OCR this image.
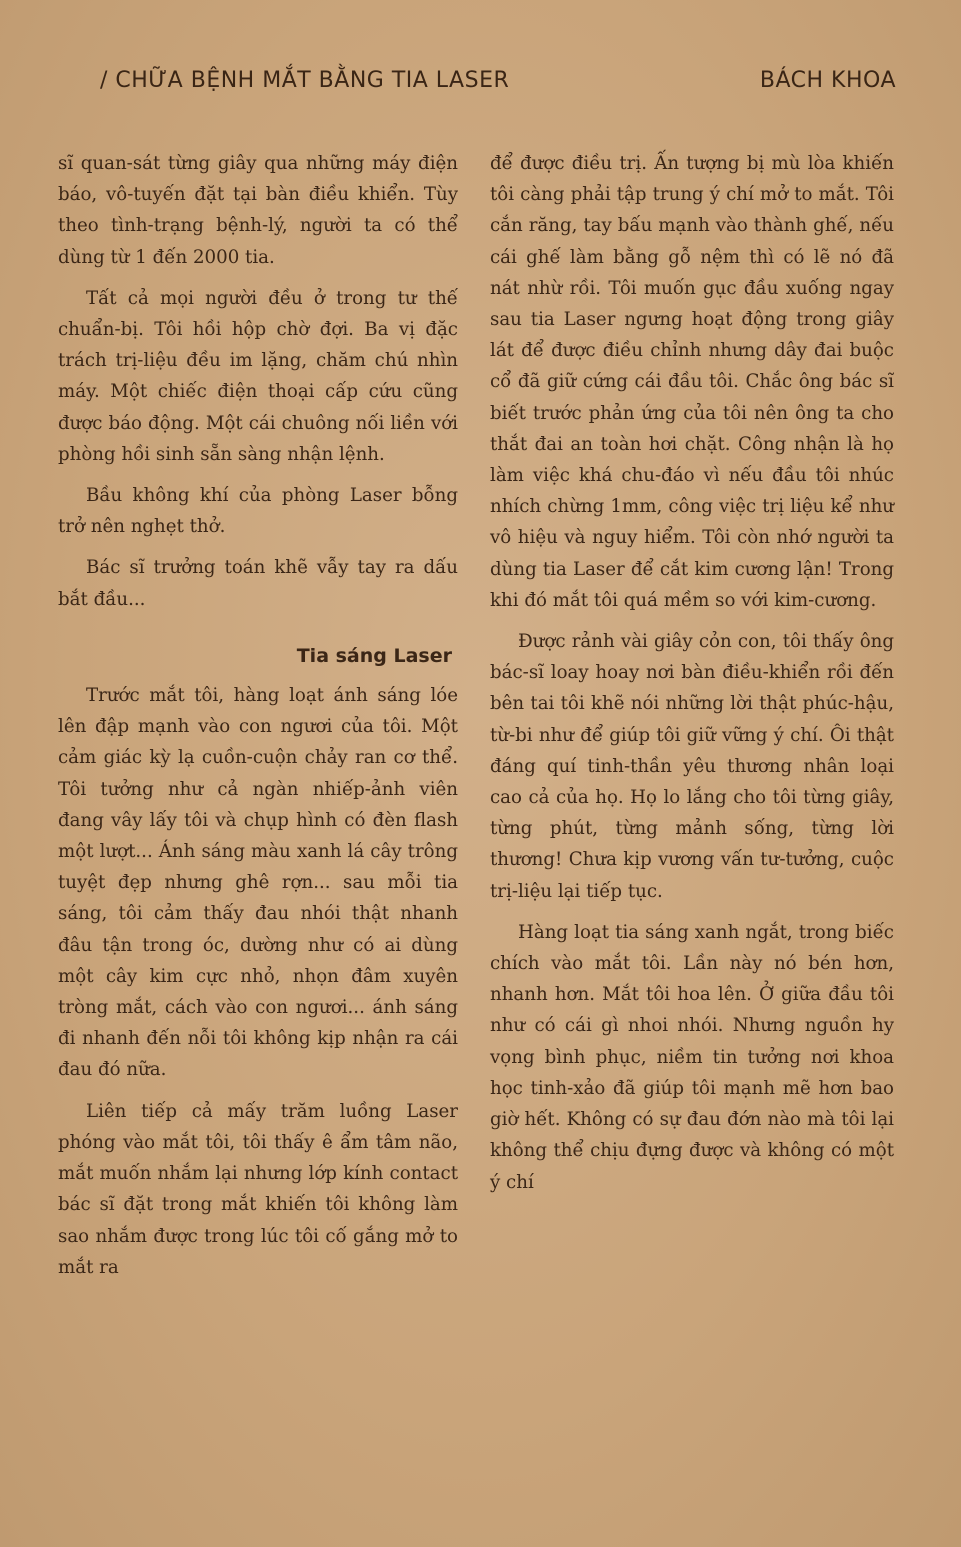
/ CHỮA BỆNH MẮT BẰNG TIA LASER	BÁCH KHOA

sĩ quan-sát từng giây qua những máy điện báo, vô-tuyến đặt tại bàn điều khiển. Tùy theo tình-trạng bệnh-lý, người ta có thể dùng từ 1 đến 2000 tia.

Tất cả mọi người đều ở trong tư thế chuẩn-bị. Tôi hồi hộp chờ đợi. Ba vị đặc trách trị-liệu đều im lặng, chăm chú nhìn máy. Một chiếc điện thoại cấp cứu cũng được báo động. Một cái chuông nối liền với phòng hồi sinh sẵn sàng nhận lệnh.

Bầu không khí của phòng Laser bỗng trở nên nghẹt thở.

Bác sĩ trưởng toán khẽ vẫy tay ra dấu bắt đầu...

Tia sáng Laser

Trước mắt tôi, hàng loạt ánh sáng lóe lên đập mạnh vào con ngươi của tôi. Một cảm giác kỳ lạ cuồn-cuộn chảy ran cơ thể. Tôi tưởng như cả ngàn nhiếp-ảnh viên đang vây lấy tôi và chụp hình có đèn flash một lượt... Ánh sáng màu xanh lá cây trông tuyệt đẹp nhưng ghê rợn... sau mỗi tia sáng, tôi cảm thấy đau nhói thật nhanh đâu tận trong óc, dường như có ai dùng một cây kim cực nhỏ, nhọn đâm xuyên tròng mắt, cách vào con ngươi... ánh sáng đi nhanh đến nỗi tôi không kịp nhận ra cái đau đó nữa.

Liên tiếp cả mấy trăm luồng Laser phóng vào mắt tôi, tôi thấy ê ẩm tâm não, mắt muốn nhắm lại nhưng lớp kính contact bác sĩ đặt trong mắt khiến tôi không làm sao nhắm được trong lúc tôi cố gắng mở to mắt ra

để được điều trị. Ấn tượng bị mù lòa khiến tôi càng phải tập trung ý chí mở to mắt. Tôi cắn răng, tay bấu mạnh vào thành ghế, nếu cái ghế làm bằng gỗ nệm thì có lẽ nó đã nát nhừ rồi. Tôi muốn gục đầu xuống ngay sau tia Laser ngưng hoạt động trong giây lát để được điều chỉnh nhưng dây đai buộc cổ đã giữ cứng cái đầu tôi. Chắc ông bác sĩ biết trước phản ứng của tôi nên ông ta cho thắt đai an toàn hơi chặt. Công nhận là họ làm việc khá chu-đáo vì nếu đầu tôi nhúc nhích chừng 1mm, công việc trị liệu kể như vô hiệu và nguy hiểm. Tôi còn nhớ người ta dùng tia Laser để cắt kim cương lận! Trong khi đó mắt tôi quá mềm so với kim-cương.

Được rảnh vài giây cỏn con, tôi thấy ông bác-sĩ loay hoay nơi bàn điều-khiển rồi đến bên tai tôi khẽ nói những lời thật phúc-hậu, từ-bi như để giúp tôi giữ vững ý chí. Ôi thật đáng quí tinh-thần yêu thương nhân loại cao cả của họ. Họ lo lắng cho tôi từng giây, từng phút, từng mảnh sống, từng lời thương! Chưa kịp vương vấn tư-tưởng, cuộc trị-liệu lại tiếp tục.

Hàng loạt tia sáng xanh ngắt, trong biếc chích vào mắt tôi. Lần này nó bén hơn, nhanh hơn. Mắt tôi hoa lên. Ở giữa đầu tôi như có cái gì nhoi nhói. Nhưng nguồn hy vọng bình phục, niềm tin tưởng nơi khoa học tinh-xảo đã giúp tôi mạnh mẽ hơn bao giờ hết. Không có sự đau đớn nào mà tôi lại không thể chịu đựng được và không có một ý chí
